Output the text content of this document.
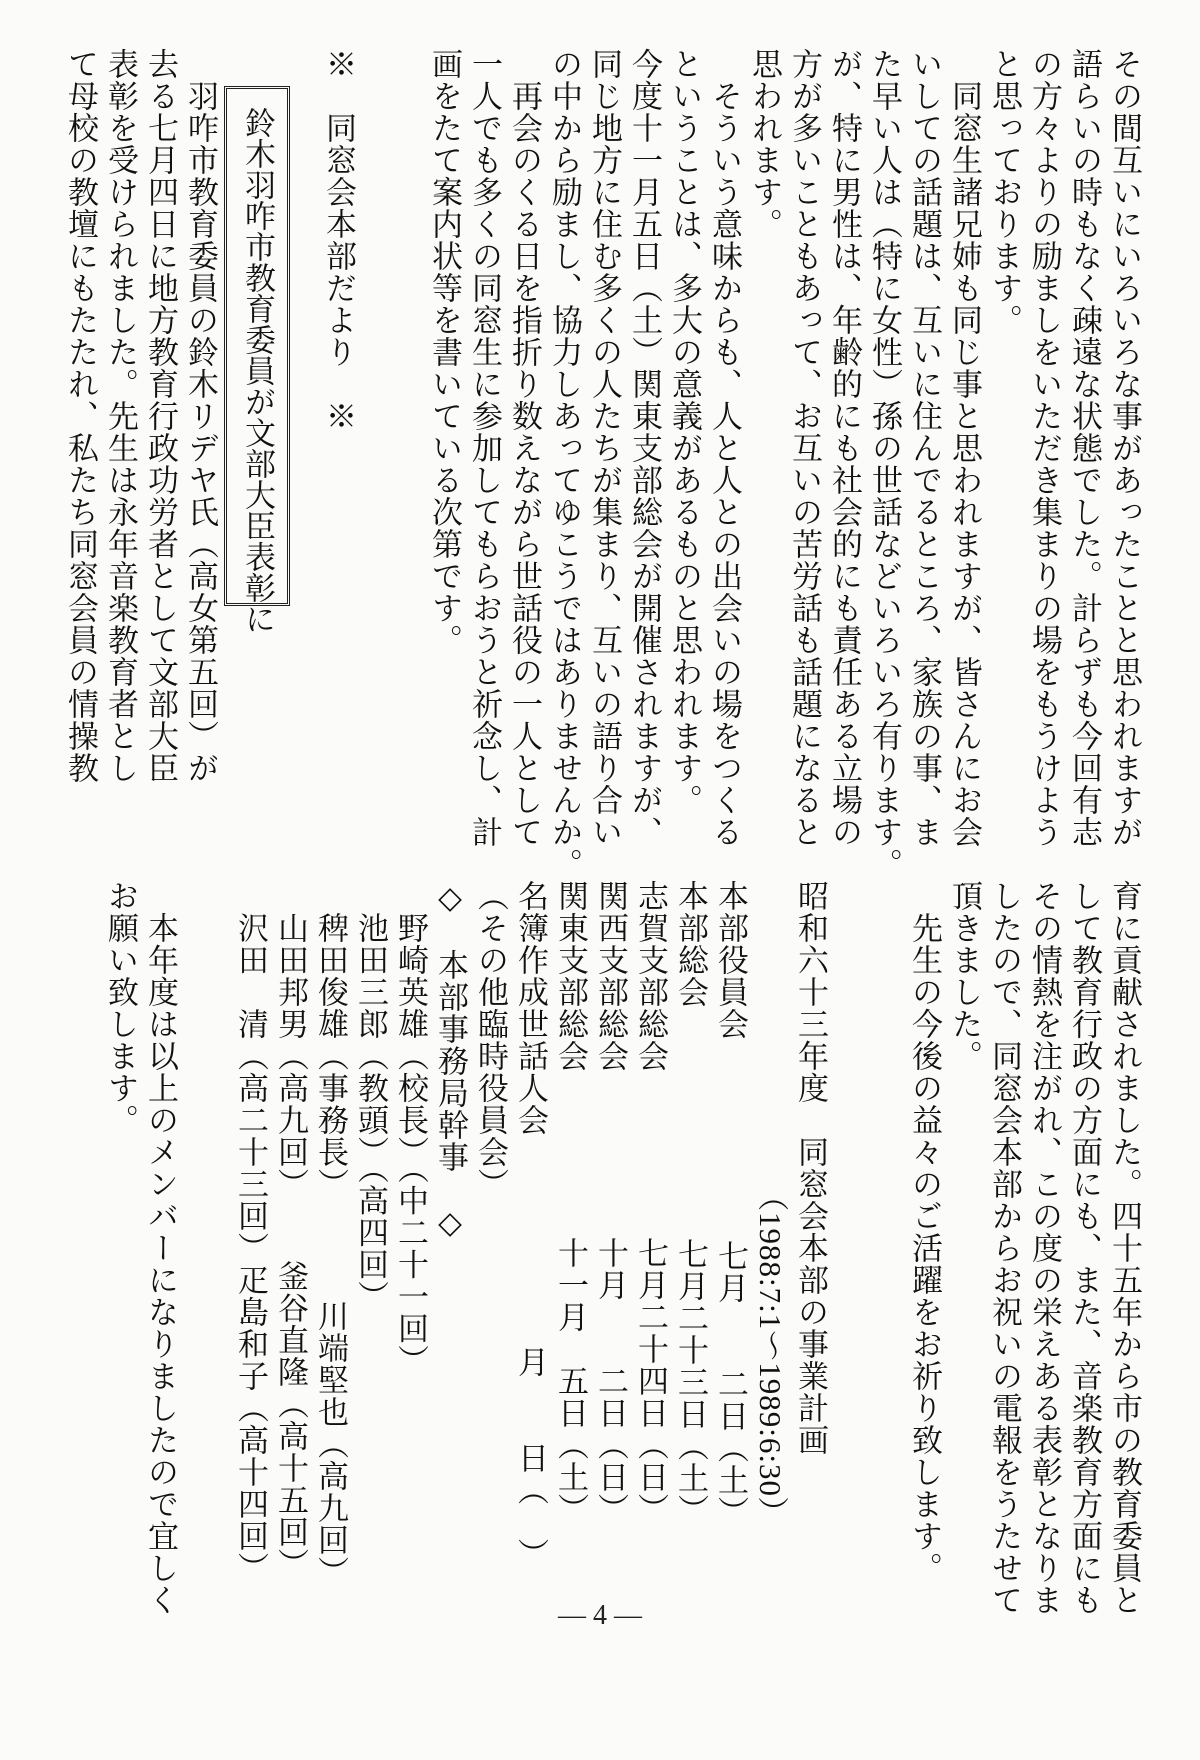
その間互いにいろいろな事があったことと思われますが
語らいの時もなく疎遠な状態でした。計らずも今回有志
の方々よりの励ましをいただき集まりの場をもうけよう
と思っております。
同窓生諸兄姉も同じ事と思われますが、皆さんにお会
いしての話題は、互いに住んでるところ、家族の事、ま
た早い人は（特に女性）孫の世話などいろいろ有ります。
が、特に男性は、年齢的にも社会的にも責任ある立場の
方が多いこともあって、お互いの苦労話も話題になると
思われます。
そういう意味からも、人と人との出会いの場をつくる
ということは、多大の意義があるものと思われます。
今度十一月五日（土）関東支部総会が開催されますが、
同じ地方に住む多くの人たちが集まり、互いの語り合い
の中から励まし、協力しあってゆこうではありませんか。
再会のくる日を指折り数えながら世話役の一人として
一人でも多くの同窓生に参加してもらおうと祈念し、計
画をたて案内状等を書いている次第です。
※　同窓会本部だより　※
鈴木羽咋市教育委員が文部大臣表彰に
羽咋市教育委員の鈴木リデヤ氏（高女第五回）が
去る七月四日に地方教育行政功労者として文部大臣
表彰を受けられました。先生は永年音楽教育者とし
て母校の教壇にもたたれ、私たち同窓会員の情操教
育に貢献されました。四十五年から市の教育委員と
して教育行政の方面にも、また、音楽教育方面にも
その情熱を注がれ、この度の栄えある表彰となりま
したので、同窓会本部からお祝いの電報をうたせて
頂きました。
先生の今後の益々のご活躍をお祈り致します。
昭和六十三年度　同窓会本部の事業計画
（1988:7:1〜1989:6:30）
本部役員会七月　　二日（土）
本部総会七月二十三日（土）
志賀支部総会七月二十四日（日）
関西支部総会十月　　二日（日）
関東支部総会十一月　五日（土）
名簿作成世話人会月　　日（　）
（その他臨時役員会）
◇　本部事務局幹事　◇
野崎英雄（校長）（中二十一回）
池田三郎（教頭）（高四回）
稗田俊雄（事務長）川端堅也（高九回）
山田邦男（高九回）釜谷直隆（高十五回）
沢田　清（高二十三回）疋島和子（高十四回）
本年度は以上のメンバーになりましたので宜しく
お願い致します。
— 4 —
